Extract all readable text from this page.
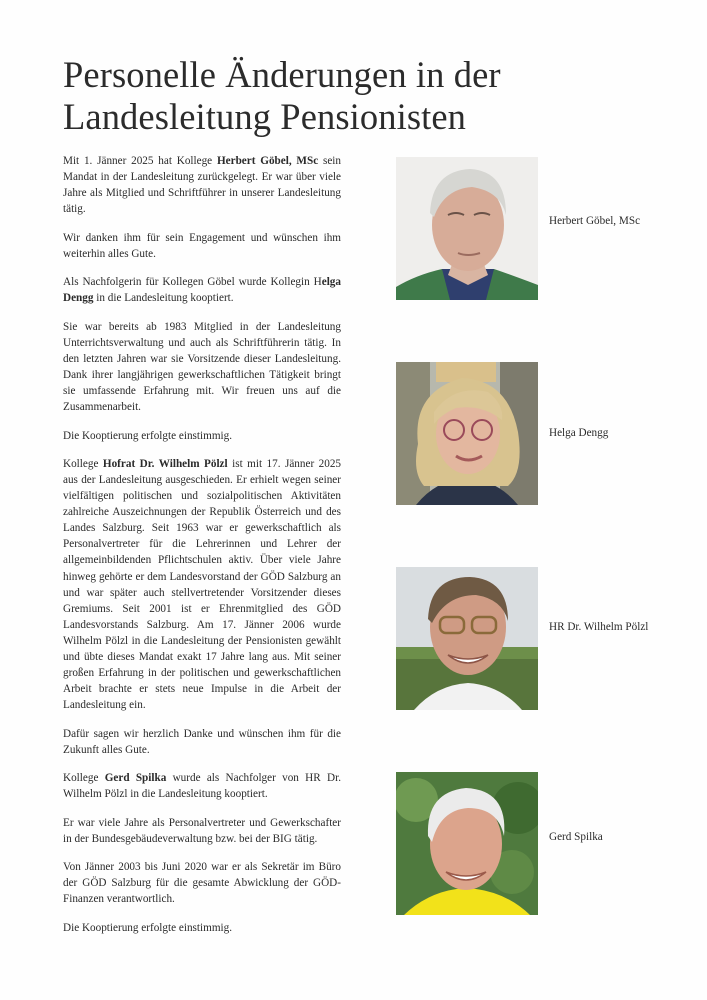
Personelle Änderungen in der Landesleitung Pensionisten

Mit 1. Jänner 2025 hat Kollege Herbert Göbel, MSc sein Mandat in der Landesleitung zurückgelegt. Er war über viele Jahre als Mitglied und Schriftführer in unserer Landesleitung tätig.

Wir danken ihm für sein Engagement und wünschen ihm weiterhin alles Gute.

Als Nachfolgerin für Kollegen Göbel wurde Kollegin Helga Dengg in die Landesleitung kooptiert.

Sie war bereits ab 1983 Mitglied in der Landesleitung Unterrichtsverwaltung und auch als Schriftführerin tätig. In den letzten Jahren war sie Vorsitzende dieser Landesleitung. Dank ihrer langjährigen gewerkschaftlichen Tätigkeit bringt sie umfassende Erfahrung mit. Wir freuen uns auf die Zusammenarbeit.

Die Kooptierung erfolgte einstimmig.

Kollege Hofrat Dr. Wilhelm Pölzl ist mit 17. Jänner 2025 aus der Landesleitung ausgeschieden. Er erhielt wegen seiner vielfältigen politischen und sozialpolitischen Aktivitäten zahlreiche Auszeichnungen der Republik Österreich und des Landes Salzburg. Seit 1963 war er gewerkschaftlich als Personalvertreter für die Lehrerinnen und Lehrer der allgemeinbildenden Pflichtschulen aktiv. Über viele Jahre hinweg gehörte er dem Landesvorstand der GÖD Salzburg an und war später auch stellvertretender Vorsitzender dieses Gremiums. Seit 2001 ist er Ehrenmitglied des GÖD Landesvorstands Salzburg. Am 17. Jänner 2006 wurde Wilhelm Pölzl in die Landesleitung der Pensionisten gewählt und übte dieses Mandat exakt 17 Jahre lang aus. Mit seiner großen Erfahrung in der politischen und gewerkschaftlichen Arbeit brachte er stets neue Impulse in die Arbeit der Landesleitung ein.

Dafür sagen wir herzlich Danke und wünschen ihm für die Zukunft alles Gute.

Kollege Gerd Spilka wurde als Nachfolger von HR Dr. Wilhelm Pölzl in die Landesleitung kooptiert.

Er war viele Jahre als Personalvertreter und Gewerkschafter in der Bundesgebäudeverwaltung bzw. bei der BIG tätig.

Von Jänner 2003 bis Juni 2020 war er als Sekretär im Büro der GÖD Salzburg für die gesamte Abwicklung der GÖD-Finanzen verantwortlich.

Die Kooptierung erfolgte einstimmig.

Herbert Göbel, MSc
Helga Dengg
HR Dr. Wilhelm Pölzl
Gerd Spilka
